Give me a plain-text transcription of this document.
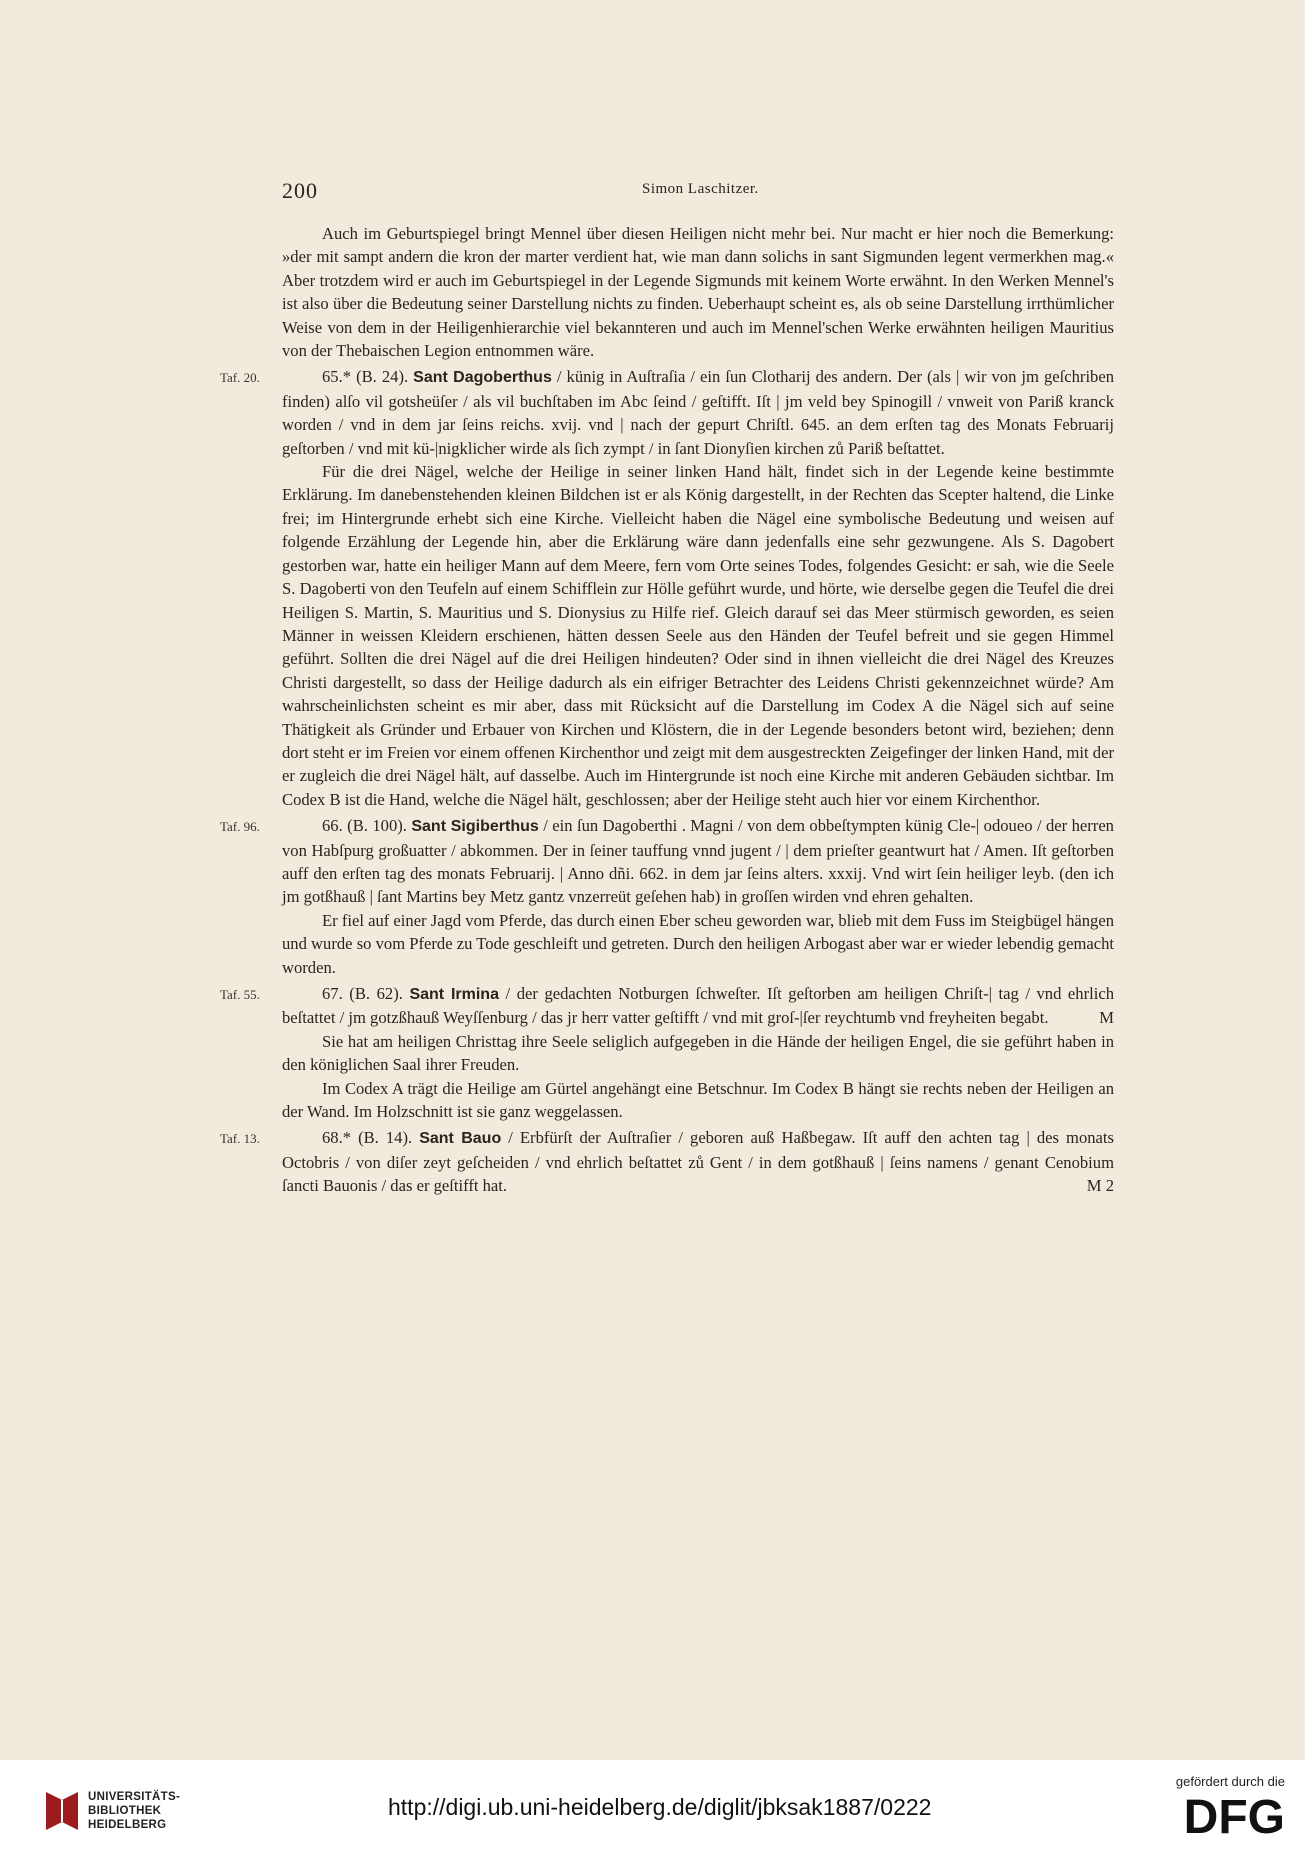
200	Simon Laschitzer.

Auch im Geburtspiegel bringt Mennel über diesen Heiligen nicht mehr bei. Nur macht er hier noch die Bemerkung: »der mit sampt andern die kron der marter verdient hat, wie man dann solichs in sant Sigmunden legent vermerkhen mag.« Aber trotzdem wird er auch im Geburtspiegel in der Legende Sigmunds mit keinem Worte erwähnt. In den Werken Mennel's ist also über die Bedeutung seiner Darstellung nichts zu finden. Ueberhaupt scheint es, als ob seine Darstellung irrthümlicher Weise von dem in der Heiligenhierarchie viel bekannteren und auch im Mennel'schen Werke erwähnten heiligen Mauritius von der Thebaischen Legion entnommen wäre.

Taf. 20.	65.* (B. 24). Sant Dagoberthus / künig in Auſtraſia / ein ſun Clotharij des andern. Der (als | wir von jm geſchriben finden) alſo vil gotsheüſer / als vil buchſtaben im Abc ſeind / geſtifft. Iſt | jm veld bey Spinogill / vnweit von Pariß kranck worden / vnd in dem jar ſeins reichs. xvij. vnd | nach der gepurt Chriſtl. 645. an dem erſten tag des Monats Februarij geſtorben / vnd mit kü-|nigklicher wirde als ſich zympt / in ſant Dionyſien kirchen zů Pariß beſtattet.

Für die drei Nägel, welche der Heilige in seiner linken Hand hält, findet sich in der Legende keine bestimmte Erklärung. Im danebenstehenden kleinen Bildchen ist er als König dargestellt, in der Rechten das Scepter haltend, die Linke frei; im Hintergrunde erhebt sich eine Kirche. Vielleicht haben die Nägel eine symbolische Bedeutung und weisen auf folgende Erzählung der Legende hin, aber die Erklärung wäre dann jedenfalls eine sehr gezwungene. Als S. Dagobert gestorben war, hatte ein heiliger Mann auf dem Meere, fern vom Orte seines Todes, folgendes Gesicht: er sah, wie die Seele S. Dagoberti von den Teufeln auf einem Schifflein zur Hölle geführt wurde, und hörte, wie derselbe gegen die Teufel die drei Heiligen S. Martin, S. Mauritius und S. Dionysius zu Hilfe rief. Gleich darauf sei das Meer stürmisch geworden, es seien Männer in weissen Kleidern erschienen, hätten dessen Seele aus den Händen der Teufel befreit und sie gegen Himmel geführt. Sollten die drei Nägel auf die drei Heiligen hindeuten? Oder sind in ihnen vielleicht die drei Nägel des Kreuzes Christi dargestellt, so dass der Heilige dadurch als ein eifriger Betrachter des Leidens Christi gekennzeichnet würde? Am wahrscheinlichsten scheint es mir aber, dass mit Rücksicht auf die Darstellung im Codex A die Nägel sich auf seine Thätigkeit als Gründer und Erbauer von Kirchen und Klöstern, die in der Legende besonders betont wird, beziehen; denn dort steht er im Freien vor einem offenen Kirchenthor und zeigt mit dem ausgestreckten Zeigefinger der linken Hand, mit der er zugleich die drei Nägel hält, auf dasselbe. Auch im Hintergrunde ist noch eine Kirche mit anderen Gebäuden sichtbar. Im Codex B ist die Hand, welche die Nägel hält, geschlossen; aber der Heilige steht auch hier vor einem Kirchenthor.

Taf. 96.	66. (B. 100). Sant Sigiberthus / ein ſun Dagoberthi . Magni / von dem obbeſtympten künig Cle-| odoueo / der herren von Habſpurg großuatter / abkommen. Der in ſeiner tauffung vnnd jugent / | dem prieſter geantwurt hat / Amen. Iſt geſtorben auff den erſten tag des monats Februarij. | Anno dñi. 662. in dem jar ſeins alters. xxxij. Vnd wirt ſein heiliger leyb. (den ich jm gotßhauß | ſant Martins bey Metz gantz vnzerreüt geſehen hab) in groſſen wirden vnd ehren gehalten.

Er fiel auf einer Jagd vom Pferde, das durch einen Eber scheu geworden war, blieb mit dem Fuss im Steigbügel hängen und wurde so vom Pferde zu Tode geschleift und getreten. Durch den heiligen Arbogast aber war er wieder lebendig gemacht worden.

Taf. 55.	67. (B. 62). Sant Irmina / der gedachten Notburgen ſchweſter. Iſt geſtorben am heiligen Chriſt-| tag / vnd ehrlich beſtattet / jm gotzßhauß Weyſſenburg / das jr herr vatter geſtifft / vnd mit groſ-|ſer reychtumb vnd freyheiten begabt.	M

Sie hat am heiligen Christtag ihre Seele seliglich aufgegeben in die Hände der heiligen Engel, die sie geführt haben in den königlichen Saal ihrer Freuden.

Im Codex A trägt die Heilige am Gürtel angehängt eine Betschnur. Im Codex B hängt sie rechts neben der Heiligen an der Wand. Im Holzschnitt ist sie ganz weggelassen.

Taf. 13.	68.* (B. 14). Sant Bauo / Erbfürſt der Auſtraſier / geboren auß Haßbegaw. Iſt auff den achten tag | des monats Octobris / von diſer zeyt geſcheiden / vnd ehrlich beſtattet zů Gent / in dem gotßhauß | ſeins namens / genant Cenobium ſancti Bauonis / das er geſtifft hat.	M 2

UNIVERSITÄTS-
BIBLIOTHEK
HEIDELBERG
http://digi.ub.uni-heidelberg.de/diglit/jbksak1887/0222
gefördert durch die
DFG
